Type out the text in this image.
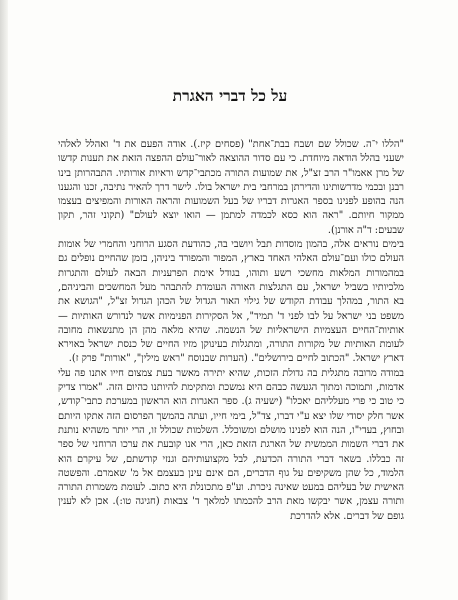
על כל דברי האגרת

"הללו י־ה. שכולל שם ושבח בבת־אחת" (פסחים קיז.). אודה הפעם את ד' ואהלל לאלהי ישעני בהלל הודאה מיוחדת. כי עם סדור ההוצאה לאור־עולם ההפצה הזאת את תענות קדשו של מרן אאמו"ר הרב זצ"ל, את שמועות התורה מכתבי־קדש וראיות אורותיו. התבהרותן בינו רבנן ובכמי מדרשותינו והדירתן במרחבי בית ישראל בולו. לישר דרך להאיר נתיבה, זכנו והגענו הנה בהופע לפנינו בספר האגרות דבריו של בעל השמועות והראה האורות והמפיצים בעצמו ממקור חיותם. "ראה הוא כסא לכמדה למתמן — הואו יוצא לעולם" (תקוני זהר, תקון שבעים: ד"ה אורנן).

בימים נוראים אלה, בהמון מוסדות תבל ויושבי בה, כהודעת הסגע הרוחני והחמרי של אומות העולם כולו ועם־עולם האלהי האחד בארץ, המפור והמפורד ביניהן, בזמן שהחיים נופלים גם במהמורות המלאות מחשכי רשע ותוהו, בגודל אימת הפרעניות הבאה לעולם והתגרות מלכיותיו בשביל ישראל, עם התגלצות האורה העומדת להתבהר מעל המחשכים והביניהם, בא התור, במהלך עבודת הקודש של גילוי האור הגדול של הכהן הגדול זצ"ל, "הגושא את משפט בני ישראל על לבו לפני ד' תמיד", אל הסקירות הפנימיות אשר לנדורש האותיות — אותיות־החיים העצמיות הישראליות של הנשמה. שהיא מלאה מהן הן מתנשאות מחובה לעומת האותיות של מקורות התורה, ומתגלות בעינוקן מזיו החיים של כנסת ישראל באוירא דארץ ישראל. "הכתוב לחיים בירושלים". (הערות שבנוסח "ראש מילין", "אורות" פרק ז).

במודה מרובה מתגלית בה גדולת הזכות, שהיא יתירה מאשר בעת צמצום חייו אתנו פה עלי אדמות, ותמוכה ומתוך הגעשה כבהם היא נמשכת ומתקימת להיותנו כהיום הזה. "אמרו צדיק כי טוב כי פרי מעלליהם יאכלו" (ישעיה ג). ספר האגרות הוא הראשון במערכת כתבי־קודש, אשר חלק יסודי שלו יצא ע"י דברו, צד"ל, בימי חייו, ועתה בהמשך הפרסום הזה אתקו היותם ובחוץ, בעדי"ו, הנה הוא לפנינו מושלם ומשוכלל. השלמות שכולל זו, הרי יותר משהיא נותנת את דברי השמות הממשית של הארגת הזאת כאן, הרי אנו קובעת את ערכו הרוחני של ספר זה כבללו. בשאר דברי התורה הכדעת, לבל מקצועותיהם וגנזי קודשתם, של עיקרם הוא הלמוד, כל שהן משקיפים על גוף הדברים, הם אינם עינן בעצמם אל מ' שאמרם. והפשטה האישית של בעליהם במעט שאינה ניכרת. וע"פ מתכונלת היא כתוב. לעומת משמרות התורה ותורה עצמן, אשר יבקשו מאת הרב להכמתו למלאך ד' צבאות (חגיגה טו:). אכן לא לענין גופם של דברים. אלא להדרכת
